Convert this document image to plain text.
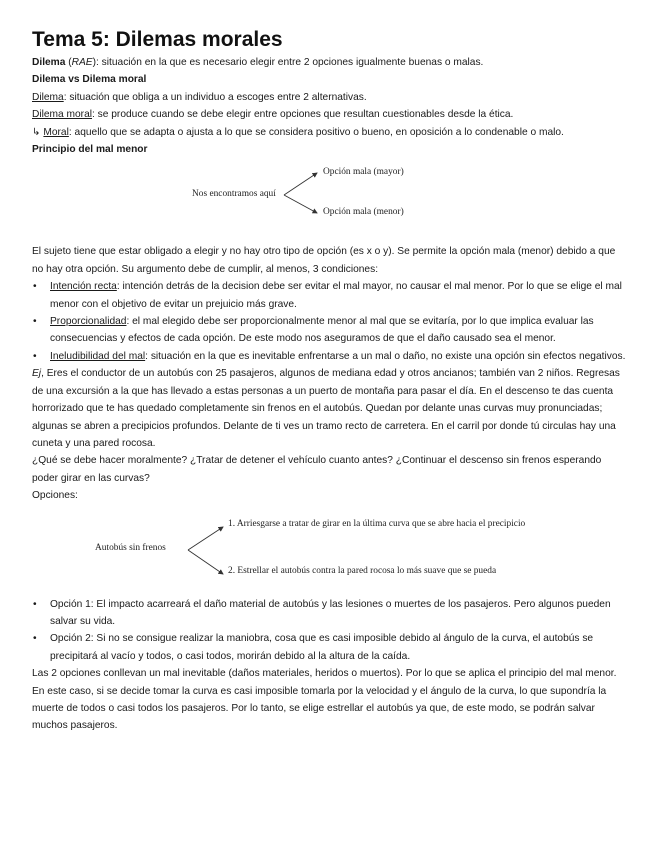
Tema 5: Dilemas morales

Dilema (RAE): situación en la que es necesario elegir entre 2 opciones igualmente buenas o malas.

Dilema vs Dilema moral

Dilema: situación que obliga a un individuo a escoges entre 2 alternativas.

Dilema moral: se produce cuando se debe elegir entre opciones que resultan cuestionables desde la ética.

↳ Moral: aquello que se adapta o ajusta a lo que se considera positivo o bueno, en oposición a lo condenable o malo.

Principio del mal menor

Nos encontramos aquí
Opción mala (mayor)
Opción mala (menor)

El sujeto tiene que estar obligado a elegir y no hay otro tipo de opción (es x o y). Se permite la opción mala (menor) debido a que no hay otra opción. Su argumento debe de cumplir, al menos, 3 condiciones:

• Intención recta: intención detrás de la decision debe ser evitar el mal mayor, no causar el mal menor. Por lo que se elige el mal menor con el objetivo de evitar un prejuicio más grave.
• Proporcionalidad: el mal elegido debe ser proporcionalmente menor al mal que se evitaría, por lo que implica evaluar las consecuencias y efectos de cada opción. De este modo nos aseguramos de que el daño causado sea el menor.
• Ineludibilidad del mal: situación en la que es inevitable enfrentarse a un mal o daño, no existe una opción sin efectos negativos.

Ej, Eres el conductor de un autobús con 25 pasajeros, algunos de mediana edad y otros ancianos; también van 2 niños. Regresas de una excursión a la que has llevado a estas personas a un puerto de montaña para pasar el día. En el descenso te das cuenta horrorizado que te has quedado completamente sin frenos en el autobús. Quedan por delante unas curvas muy pronunciadas; algunas se abren a precipicios profundos. Delante de ti ves un tramo recto de carretera. En el carril por donde tú circulas hay una cuneta y una pared rocosa.

¿Qué se debe hacer moralmente? ¿Tratar de detener el vehículo cuanto antes? ¿Continuar el descenso sin frenos esperando poder girar en las curvas?

Opciones:

Autobús sin frenos
1. Arriesgarse a tratar de girar en la última curva que se abre hacia el precipicio
2. Estrellar el autobús contra la pared rocosa lo más suave que se pueda
• Opción 1: El impacto acarreará el daño material de autobús y las lesiones o muertes de los pasajeros. Pero algunos pueden salvar su vida.
• Opción 2: Si no se consigue realizar la maniobra, cosa que es casi imposible debido al ángulo de la curva, el autobús se precipitará al vacío y todos, o casi todos, morirán debido al la altura de la caída.

Las 2 opciones conllevan un mal inevitable (daños materiales, heridos o muertos). Por lo que se aplica el principio del mal menor. En este caso, si se decide tomar la curva es casi imposible tomarla por la velocidad y el ángulo de la curva, lo que supondría la muerte de todos o casi todos los pasajeros. Por lo tanto, se elige estrellar el autobús ya que, de este modo, se podrán salvar muchos pasajeros.
